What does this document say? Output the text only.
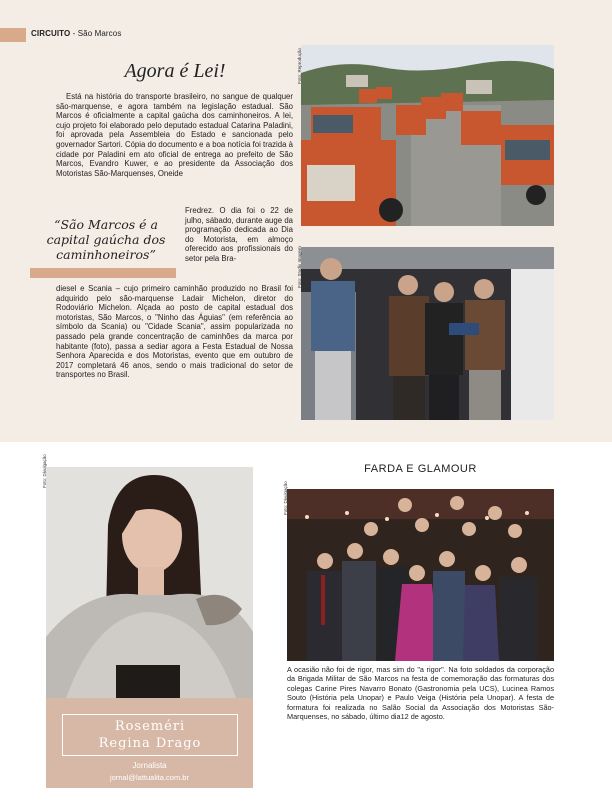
CIRCUITO - São Marcos
Agora é Lei!
Está na história do transporte brasileiro, no sangue de qualquer são-marquense, e agora também na legislação estadual. São Marcos é oficialmente a capital gaúcha dos caminhoneiros. A lei, cujo projeto foi elaborado pelo deputado estadual Catarina Paladini, foi aprovada pela Assembleia do Estado e sancionada pelo governador Sartori. Cópia do documento e a boa notícia foi trazida à cidade por Paladini em ato oficial de entrega ao prefeito de São Marcos, Evandro Kuwer, e ao presidente da Associação dos Motoristas São-Marquenses, Oneide
“São Marcos é a capital gaúcha dos caminhoneiros”
Fredrez. O dia foi o 22 de julho, sábado, durante auge da programação dedicada ao Dia do Motorista, em almoço oferecido aos profissionais do setor pela Bra-
diesel e Scania – cujo primeiro caminhão produzido no Brasil foi adquirido pelo são-marquense Ladair Michelon, diretor do Rodoviário Michelon. Alçada ao posto de capital estadual dos motoristas, São Marcos, o "Ninho das Águias" (em referência ao símbolo da Scania) ou "Cidade Scania", assim popularizada no passado pela grande concentração de caminhões da marca por habitante (foto), passa a sediar agora a Festa Estadual de Nossa Senhora Aparecida e dos Motoristas, evento que em outubro de 2017 completará 46 anos, sendo o mais tradicional do setor de transportes no Brasil.
Foto: Reprodução
Foto: Studio Imagem
Foto: Divulgação
Roseméri
Regina Drago
Jornalista
jornal@lattualita.com.br
FARDA E GLAMOUR
Foto: Divulgação
A ocasião não foi de rigor, mas sim do "a rigor". Na foto soldados da corporação da Brigada Militar de São Marcos na festa de comemoração das formaturas dos colegas Carine Pires Navarro Bonato (Gastronomia pela UCS), Lucinea Ramos Souto (História pela Unopar) e Paulo Veiga (História pela Unopar). A festa de formatura foi realizada no Salão Social da Associação dos Motoristas São-Marquenses, no sábado, último dia12 de agosto.
